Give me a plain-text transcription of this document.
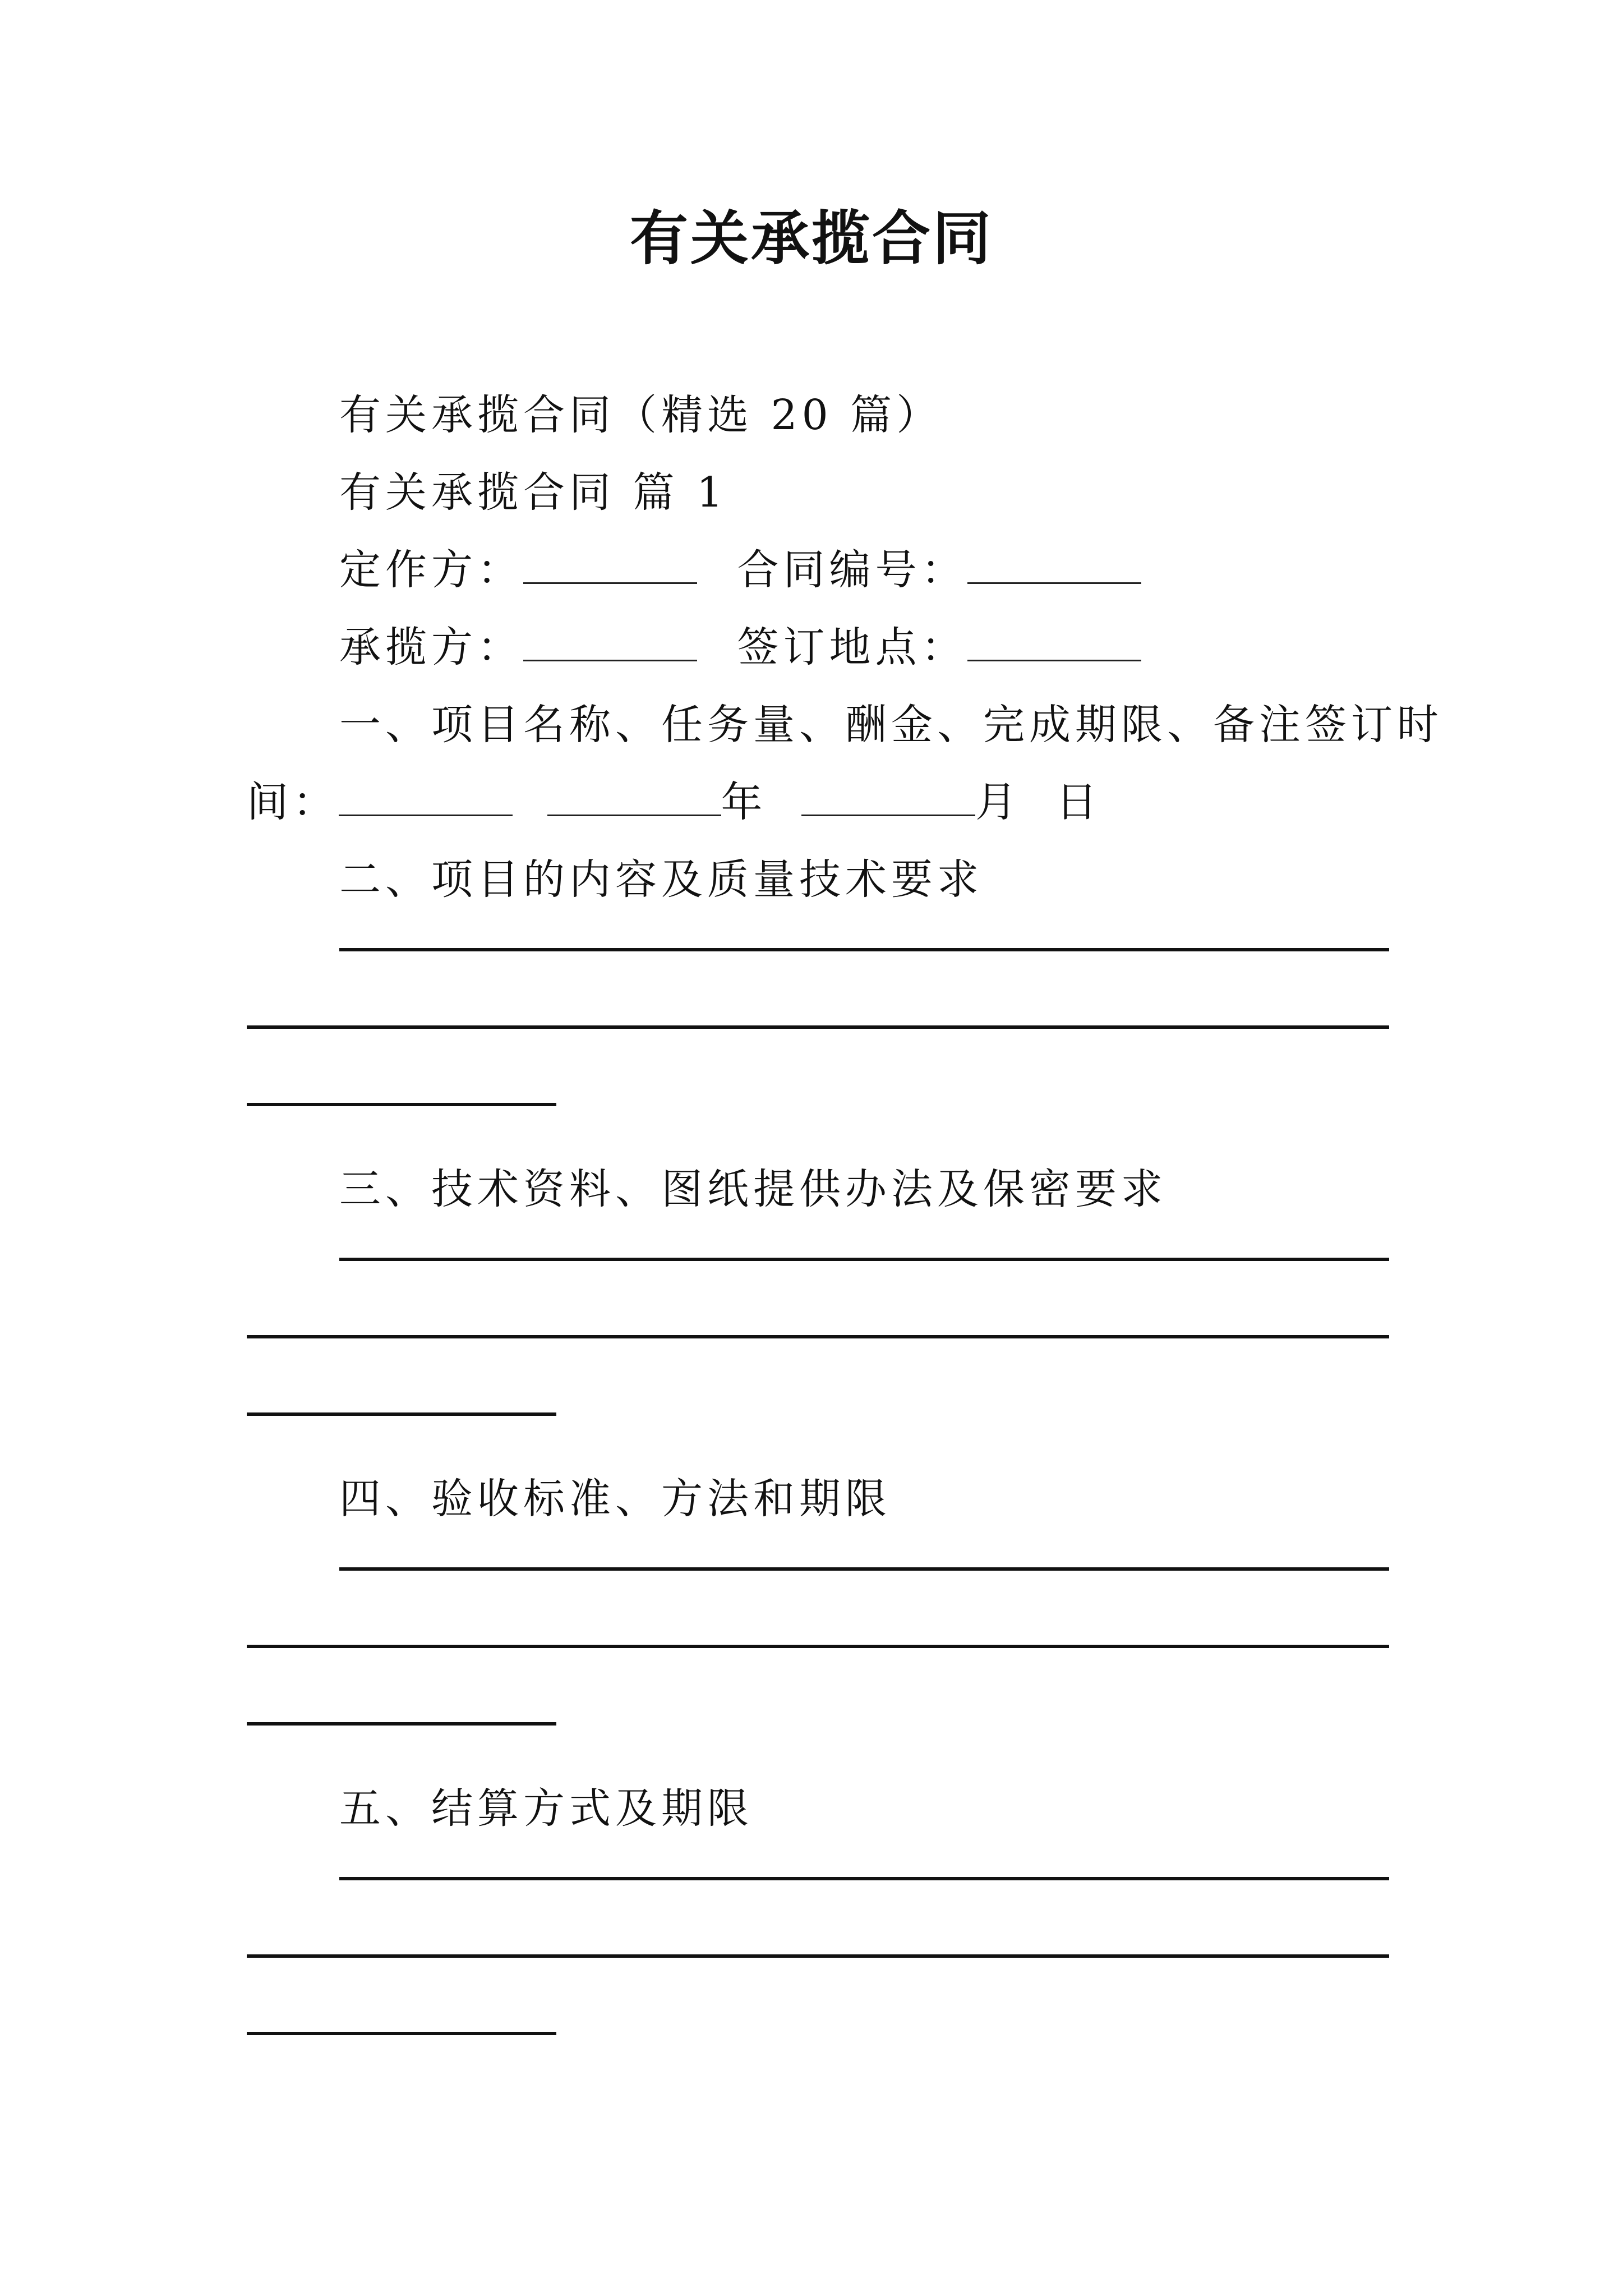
有关承揽合同
有关承揽合同（精选 20 篇）
有关承揽合同 篇 1
定作方：	合同编号：
承揽方：	签订地点：
一、项目名称、任务量、酬金、完成期限、备注签订时
间：	年	月 日
二、项目的内容及质量技术要求
三、技术资料、图纸提供办法及保密要求
四、验收标准、方法和期限
五、结算方式及期限
